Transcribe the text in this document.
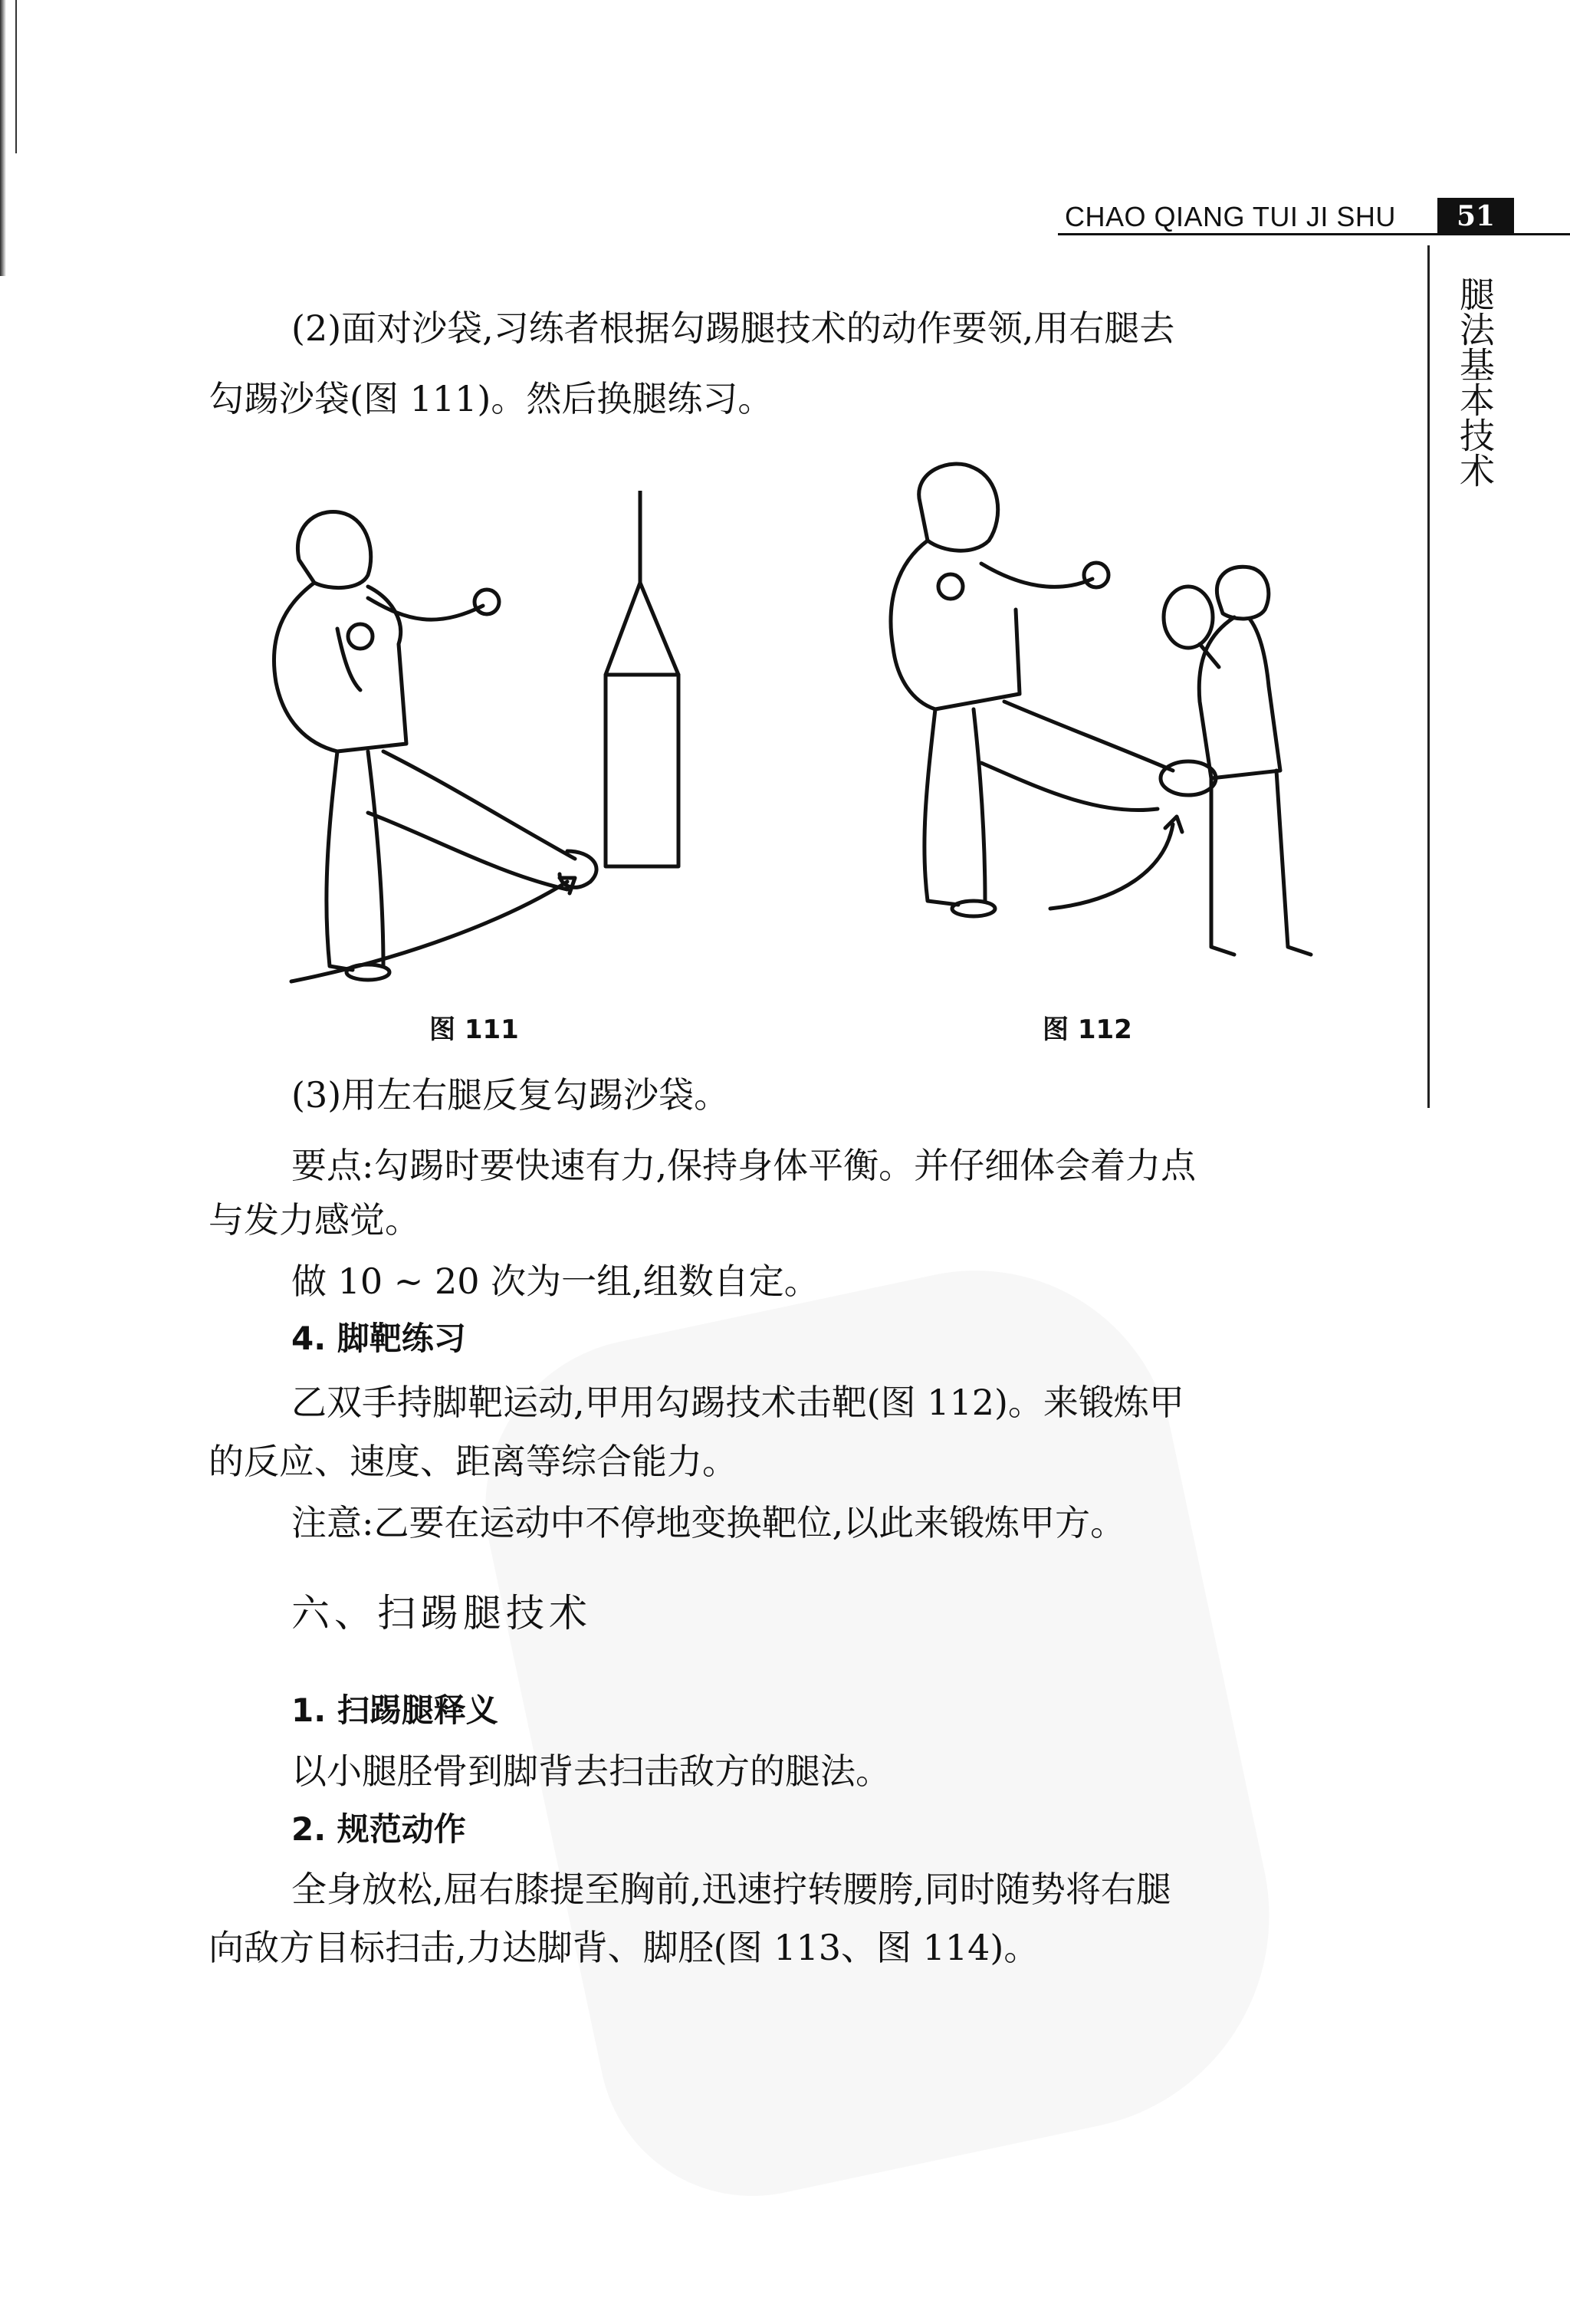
CHAO QIANG TUI JI SHU	51
腿法基本技术
(2)面对沙袋,习练者根据勾踢腿技术的动作要领,用右腿去
勾踢沙袋(图 111)。然后换腿练习。
图 111	图 112
(3)用左右腿反复勾踢沙袋。
要点:勾踢时要快速有力,保持身体平衡。并仔细体会着力点
与发力感觉。
做 10 ~ 20 次为一组,组数自定。
4. 脚靶练习
乙双手持脚靶运动,甲用勾踢技术击靶(图 112)。来锻炼甲
的反应、速度、距离等综合能力。
注意:乙要在运动中不停地变换靶位,以此来锻炼甲方。
六、扫踢腿技术
1. 扫踢腿释义
以小腿胫骨到脚背去扫击敌方的腿法。
2. 规范动作
全身放松,屈右膝提至胸前,迅速拧转腰胯,同时随势将右腿
向敌方目标扫击,力达脚背、脚胫(图 113、图 114)。
